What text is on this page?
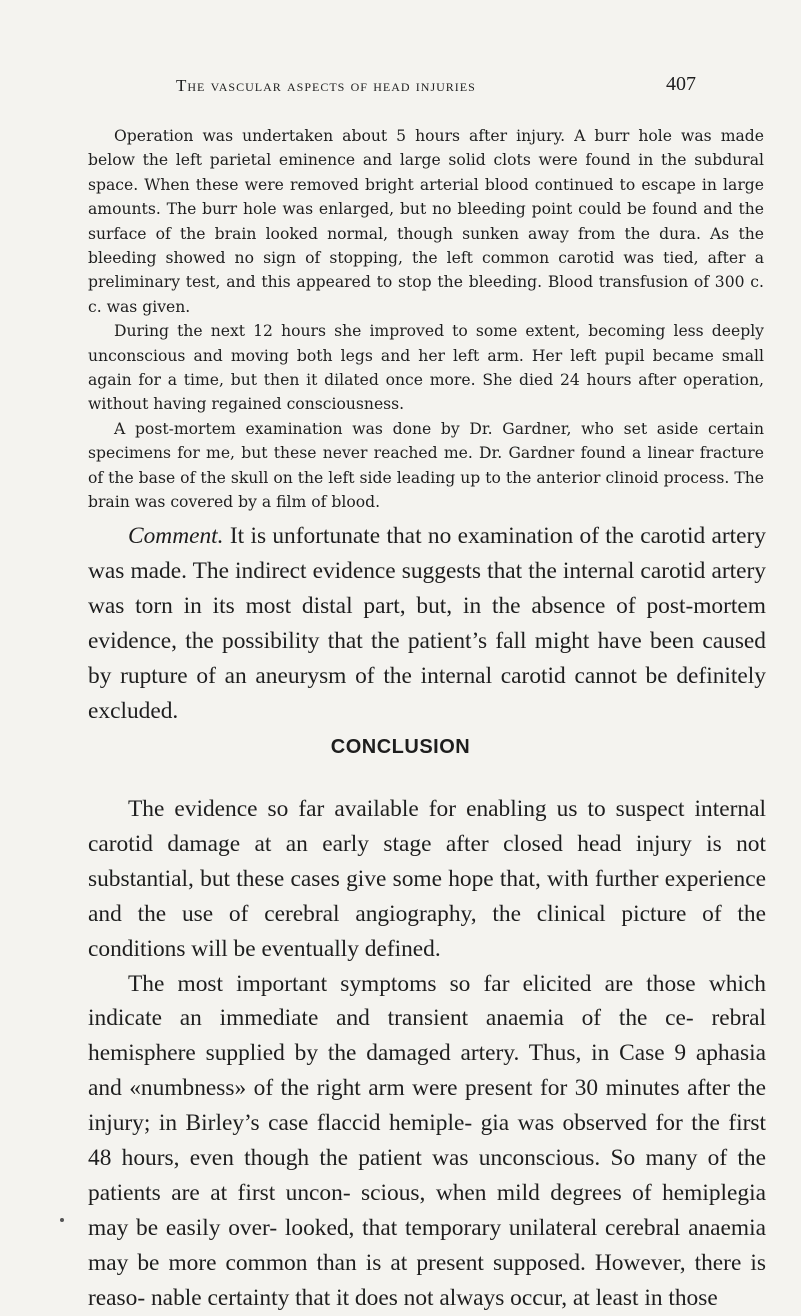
The vascular aspects of head injuries	407

Operation was undertaken about 5 hours after injury. A burr hole was made below the left parietal eminence and large solid clots were found in the subdural space. When these were removed bright arterial blood continued to escape in large amounts. The burr hole was enlarged, but no bleeding point could be found and the surface of the brain looked normal, though sunken away from the dura. As the bleeding showed no sign of stopping, the left common carotid was tied, after a preliminary test, and this appeared to stop the bleeding. Blood transfusion of 300 c. c. was given.

During the next 12 hours she improved to some extent, becoming less deeply unconscious and moving both legs and her left arm. Her left pupil became small again for a time, but then it dilated once more. She died 24 hours after operation, without having regained consciousness.

A post-mortem examination was done by Dr. Gardner, who set aside certain specimens for me, but these never reached me. Dr. Gardner found a linear fracture of the base of the skull on the left side leading up to the anterior clinoid process. The brain was covered by a film of blood.

Comment. It is unfortunate that no examination of the carotid artery was made. The indirect evidence suggests that the internal carotid artery was torn in its most distal part, but, in the absence of post-mortem evidence, the possibility that the patient’s fall might have been caused by rupture of an aneurysm of the internal carotid cannot be definitely excluded.

CONCLUSION

The evidence so far available for enabling us to suspect internal carotid damage at an early stage after closed head injury is not substantial, but these cases give some hope that, with further experience and the use of cerebral angiography, the clinical picture of the conditions will be eventually defined.

The most important symptoms so far elicited are those which indicate an immediate and transient anaemia of the ce- rebral hemisphere supplied by the damaged artery. Thus, in Case 9 aphasia and «numbness» of the right arm were present for 30 minutes after the injury; in Birley’s case flaccid hemiple- gia was observed for the first 48 hours, even though the patient was unconscious. So many of the patients are at first uncon- scious, when mild degrees of hemiplegia may be easily over- looked, that temporary unilateral cerebral anaemia may be more common than is at present supposed. However, there is reaso- nable certainty that it does not always occur, at least in those
